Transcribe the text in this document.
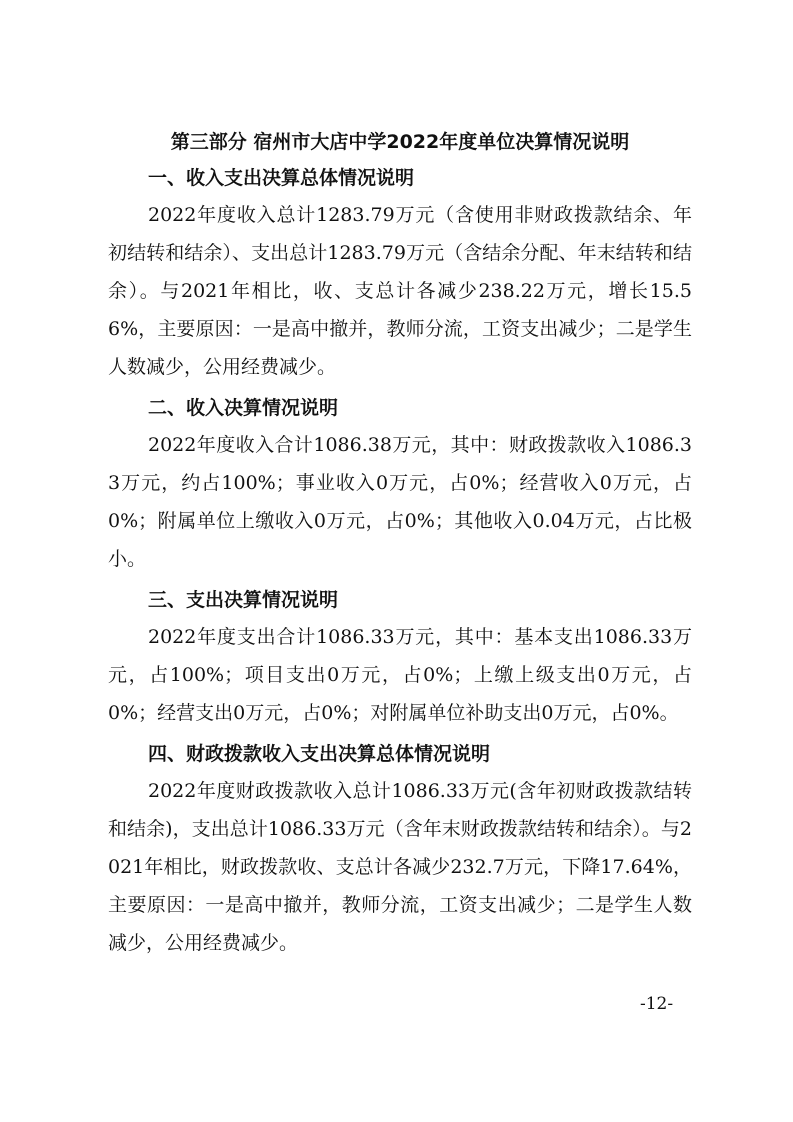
第三部分 宿州市大店中学2022年度单位决算情况说明
一、收入支出决算总体情况说明

2022年度收入总计1283.79万元（含使用非财政拨款结余、年初结转和结余）、支出总计1283.79万元（含结余分配、年末结转和结余）。与2021年相比，收、支总计各减少238.22万元，增长15.56%，主要原因：一是高中撤并，教师分流，工资支出减少；二是学生人数减少，公用经费减少。

二、收入决算情况说明

2022年度收入合计1086.38万元，其中：财政拨款收入1086.33万元，约占100%；事业收入0万元，占0%；经营收入0万元，占0%；附属单位上缴收入0万元，占0%；其他收入0.04万元，占比极小。

三、支出决算情况说明

2022年度支出合计1086.33万元，其中：基本支出1086.33万元，占100%；项目支出0万元，占0%；上缴上级支出0万元，占0%；经营支出0万元，占0%；对附属单位补助支出0万元，占0%。

四、财政拨款收入支出决算总体情况说明

2022年度财政拨款收入总计1086.33万元(含年初财政拨款结转和结余)，支出总计1086.33万元（含年末财政拨款结转和结余）。与2021年相比，财政拨款收、支总计各减少232.7万元，下降17.64%，主要原因：一是高中撤并，教师分流，工资支出减少；二是学生人数减少，公用经费减少。

-12-
